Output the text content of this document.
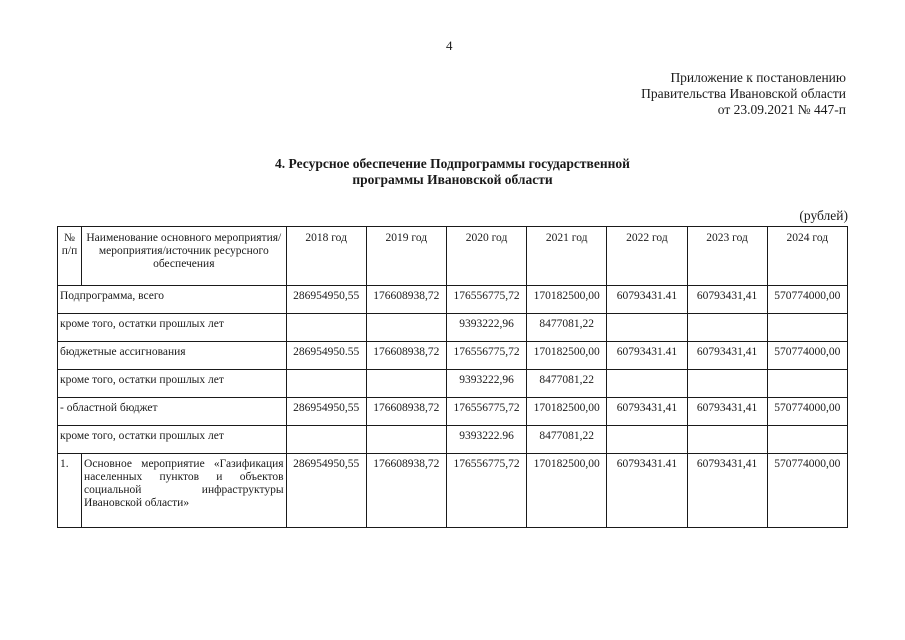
4
Приложение к постановлению
Правительства Ивановской области
от 23.09.2021 № 447-п
4. Ресурсное обеспечение Подпрограммы государственной
программы Ивановской области
(рублей)
№ п/п	Наименование основного мероприятия/мероприятия/источник ресурсного обеспечения	2018 год	2019 год	2020 год	2021 год	2022 год	2023 год	2024 год
Подпрограмма, всего		286954950,55	176608938,72	176556775,72	170182500,00	60793431.41	60793431,41	570774000,00
кроме того, остатки прошлых лет				9393222,96	8477081,22			
бюджетные ассигнования		286954950.55	176608938,72	176556775,72	170182500,00	60793431.41	60793431,41	570774000,00
кроме того, остатки прошлых лет				9393222,96	8477081,22			
- областной бюджет		286954950,55	176608938,72	176556775,72	170182500,00	60793431,41	60793431,41	570774000,00
кроме того, остатки прошлых лет				9393222.96	8477081,22			
1.	Основное мероприятие «Газификация населенных пунктов и объектов социальной инфраструктуры Ивановской области»	286954950,55	176608938,72	176556775,72	170182500,00	60793431.41	60793431,41	570774000,00
